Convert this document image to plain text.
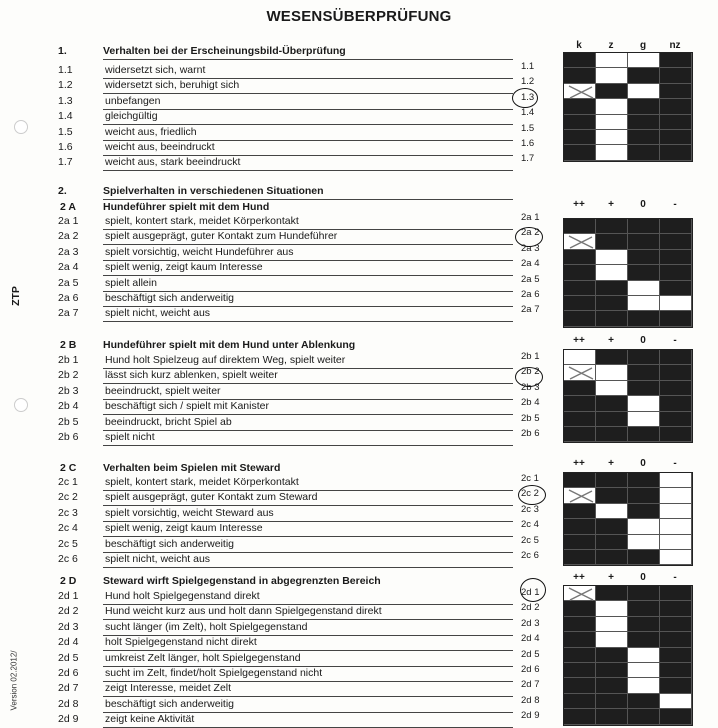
WESENSÜBERPRÜFUNG
ZTP
Version 02.2012/
1.	Verhalten bei der Erscheinungsbild-Überprüfung
1.1	widersetzt sich, warnt	1.1
1.2	widersetzt sich, beruhigt sich	1.2
1.3	unbefangen	1.3
1.4	gleichgültig	1.4
1.5	weicht aus, friedlich	1.5
1.6	weicht aus, beeindruckt	1.6
1.7	weicht aus, stark beeindruckt	1.7
k	z	g	nz
2.	Spielverhalten in verschiedenen Situationen
2 A	Hundeführer spielt mit dem Hund
2a 1	spielt, kontert stark, meidet Körperkontakt	2a 1
2a 2	spielt ausgeprägt, guter Kontakt zum Hundeführer	2a 2
2a 3	spielt vorsichtig, weicht Hundeführer aus	2a 3
2a 4	spielt wenig, zeigt kaum Interesse	2a 4
2a 5	spielt allein	2a 5
2a 6	beschäftigt sich anderweitig	2a 6
2a 7	spielt nicht, weicht aus	2a 7
++	+	0	-
2 B	Hundeführer spielt mit dem Hund unter Ablenkung
2b 1	Hund holt Spielzeug auf direktem Weg, spielt weiter	2b 1
2b 2	lässt sich kurz ablenken, spielt weiter	2b 2
2b 3	beeindruckt, spielt weiter	2b 3
2b 4	beschäftigt sich / spielt mit Kanister	2b 4
2b 5	beeindruckt, bricht Spiel ab	2b 5
2b 6	spielt nicht	2b 6
++	+	0	-
2 C	Verhalten beim Spielen mit Steward
2c 1	spielt, kontert stark, meidet Körperkontakt	2c 1
2c 2	spielt ausgeprägt, guter Kontakt zum Steward	2c 2
2c 3	spielt vorsichtig, weicht Steward aus	2c 3
2c 4	spielt wenig, zeigt kaum Interesse	2c 4
2c 5	beschäftigt sich anderweitig	2c 5
2c 6	spielt nicht, weicht aus	2c 6
++	+	0	-
2 D	Steward wirft Spielgegenstand in abgegrenzten Bereich
2d 1	Hund holt Spielgegenstand direkt	2d 1
2d 2	Hund weicht kurz aus und holt dann Spielgegenstand direkt	2d 2
2d 3	sucht länger (im Zelt), holt Spielgegenstand	2d 3
2d 4	holt Spielgegenstand nicht direkt	2d 4
2d 5	umkreist Zelt länger, holt Spielgegenstand	2d 5
2d 6	sucht im Zelt, findet/holt Spielgegenstand nicht	2d 6
2d 7	zeigt Interesse, meidet Zelt	2d 7
2d 8	beschäftigt sich anderweitig	2d 8
2d 9	zeigt keine Aktivität	2d 9
++	+	0	-
